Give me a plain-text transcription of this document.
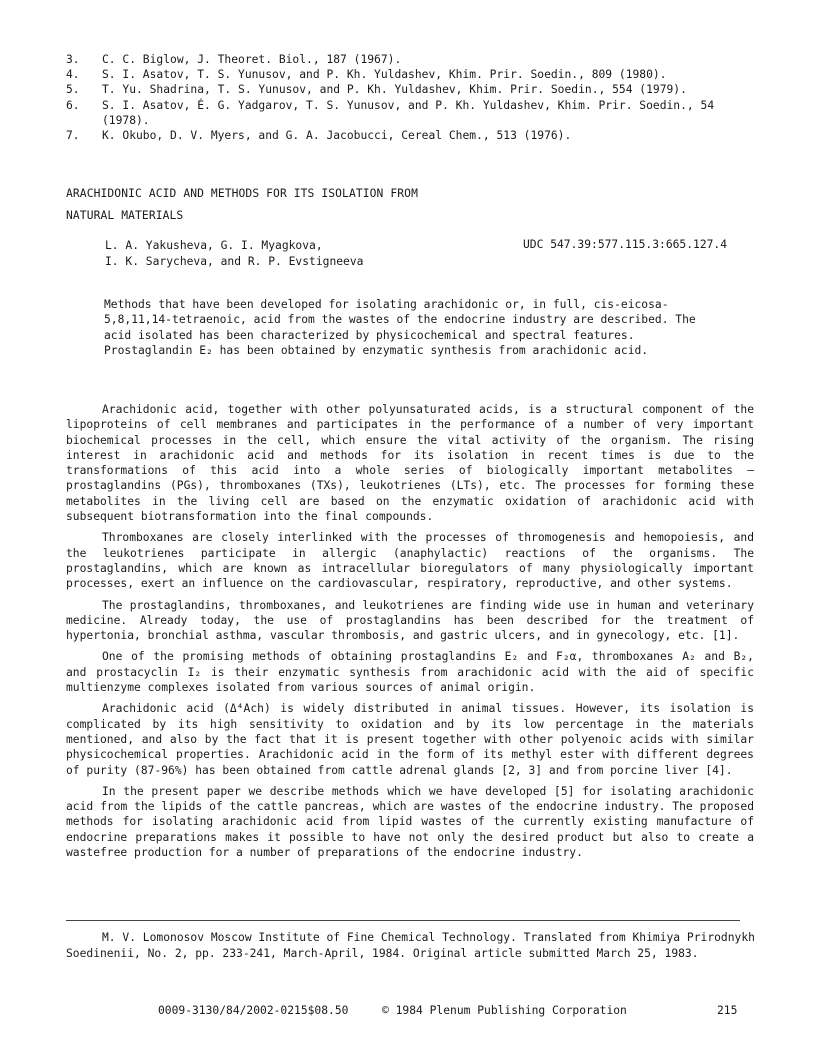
3.	C. C. Biglow, J. Theoret. Biol., 187 (1967).
4.	S. I. Asatov, T. S. Yunusov, and P. Kh. Yuldashev, Khim. Prir. Soedin., 809 (1980).
5.	T. Yu. Shadrina, T. S. Yunusov, and P. Kh. Yuldashev, Khim. Prir. Soedin., 554 (1979).
6.	S. I. Asatov, É. G. Yadgarov, T. S. Yunusov, and P. Kh. Yuldashev, Khim. Prir. Soedin., 54 (1978).
7.	K. Okubo, D. V. Myers, and G. A. Jacobucci, Cereal Chem., 513 (1976).
ARACHIDONIC ACID AND METHODS FOR ITS ISOLATION FROM
NATURAL MATERIALS
L. A. Yakusheva, G. I. Myagkova,
I. K. Sarycheva, and R. P. Evstigneeva
UDC 547.39:577.115.3:665.127.4
Methods that have been developed for isolating arachidonic or, in full, cis-eicosa-5,8,11,14-tetraenoic, acid from the wastes of the endocrine industry are described. The acid isolated has been characterized by physicochemical and spectral features. Prostaglandin E₂ has been obtained by enzymatic synthesis from arachidonic acid.

Arachidonic acid, together with other polyunsaturated acids, is a structural component of the lipoproteins of cell membranes and participates in the performance of a number of very important biochemical processes in the cell, which ensure the vital activity of the organism. The rising interest in arachidonic acid and methods for its isolation in recent times is due to the transformations of this acid into a whole series of biologically important metabolites — prostaglandins (PGs), thromboxanes (TXs), leukotrienes (LTs), etc. The processes for forming these metabolites in the living cell are based on the enzymatic oxidation of arachidonic acid with subsequent biotransformation into the final compounds.

Thromboxanes are closely interlinked with the processes of thromogenesis and hemopoiesis, and the leukotrienes participate in allergic (anaphylactic) reactions of the organisms. The prostaglandins, which are known as intracellular bioregulators of many physiologically important processes, exert an influence on the cardiovascular, respiratory, reproductive, and other systems.

The prostaglandins, thromboxanes, and leukotrienes are finding wide use in human and veterinary medicine. Already today, the use of prostaglandins has been described for the treatment of hypertonia, bronchial asthma, vascular thrombosis, and gastric ulcers, and in gynecology, etc. [1].

One of the promising methods of obtaining prostaglandins E₂ and F₂α, thromboxanes A₂ and B₂, and prostacyclin I₂ is their enzymatic synthesis from arachidonic acid with the aid of specific multienzyme complexes isolated from various sources of animal origin.

Arachidonic acid (Δ⁴Ach) is widely distributed in animal tissues. However, its isolation is complicated by its high sensitivity to oxidation and by its low percentage in the materials mentioned, and also by the fact that it is present together with other polyenoic acids with similar physicochemical properties. Arachidonic acid in the form of its methyl ester with different degrees of purity (87-96%) has been obtained from cattle adrenal glands [2, 3] and from porcine liver [4].

In the present paper we describe methods which we have developed [5] for isolating arachidonic acid from the lipids of the cattle pancreas, which are wastes of the endocrine industry. The proposed methods for isolating arachidonic acid from lipid wastes of the currently existing manufacture of endocrine preparations makes it possible to have not only the desired product but also to create a wastefree production for a number of preparations of the endocrine industry.

M. V. Lomonosov Moscow Institute of Fine Chemical Technology. Translated from Khimiya Prirodnykh Soedinenii, No. 2, pp. 233-241, March-April, 1984. Original article submitted March 25, 1983.
0009-3130/84/2002-0215$08.50	© 1984 Plenum Publishing Corporation	215
